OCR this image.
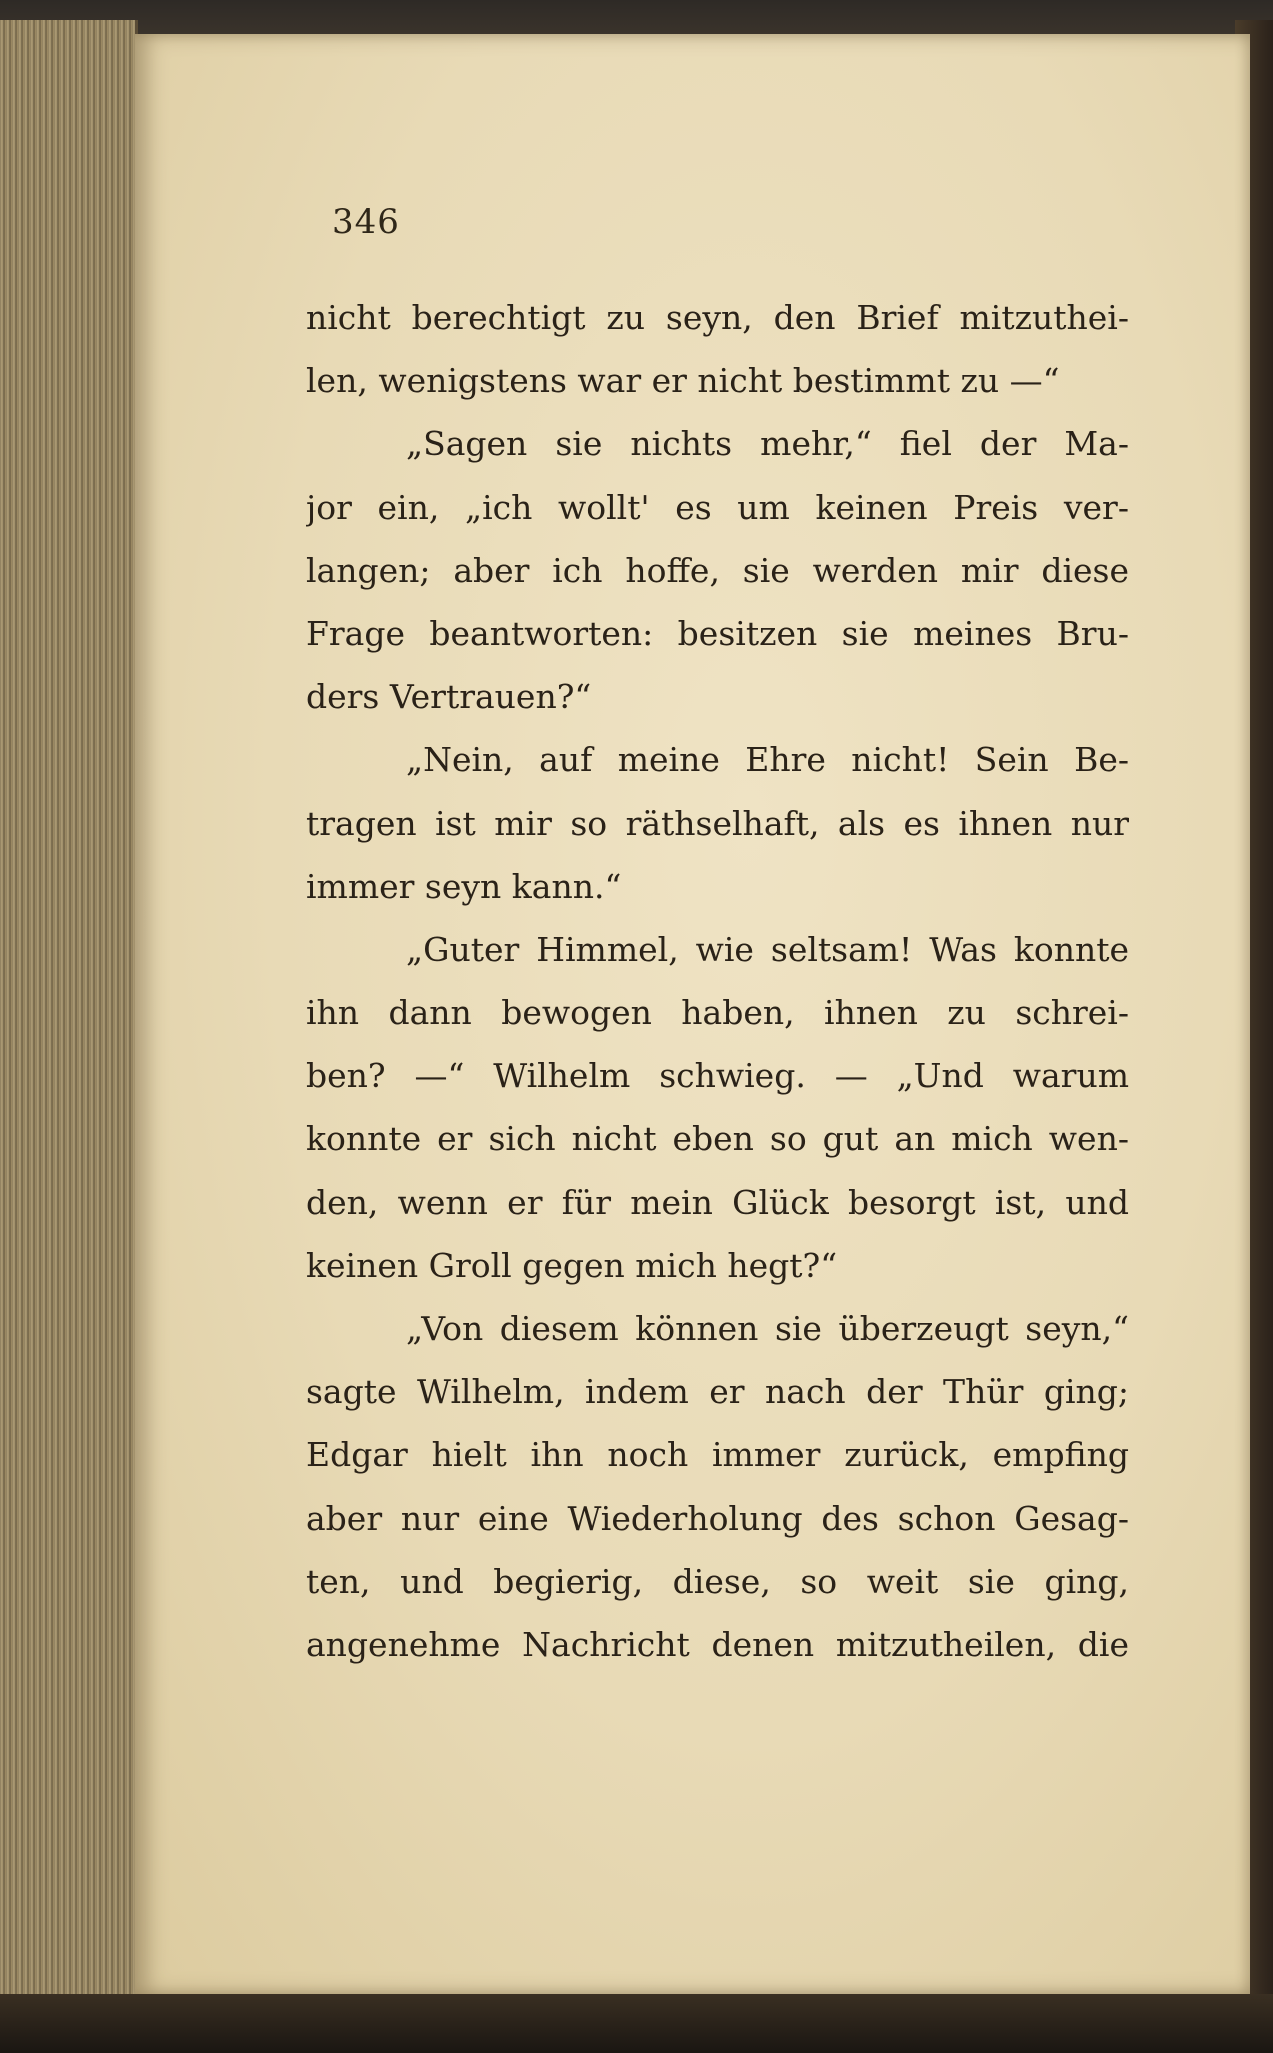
346
nicht berechtigt zu seyn, den Brief mitzuthei-
len, wenigstens war er nicht bestimmt zu —“
„Sagen sie nichts mehr,“ fiel der Ma-
jor ein, „ich wollt' es um keinen Preis ver-
langen; aber ich hoffe, sie werden mir diese
Frage beantworten: besitzen sie meines Bru-
ders Vertrauen?“
„Nein, auf meine Ehre nicht! Sein Be-
tragen ist mir so räthselhaft, als es ihnen nur
immer seyn kann.“
„Guter Himmel, wie seltsam! Was konnte
ihn dann bewogen haben, ihnen zu schrei-
ben? —“ Wilhelm schwieg. — „Und warum
konnte er sich nicht eben so gut an mich wen-
den, wenn er für mein Glück besorgt ist, und
keinen Groll gegen mich hegt?“
„Von diesem können sie überzeugt seyn,“
sagte Wilhelm, indem er nach der Thür ging;
Edgar hielt ihn noch immer zurück, empfing
aber nur eine Wiederholung des schon Gesag-
ten, und begierig, diese, so weit sie ging,
angenehme Nachricht denen mitzutheilen, die
